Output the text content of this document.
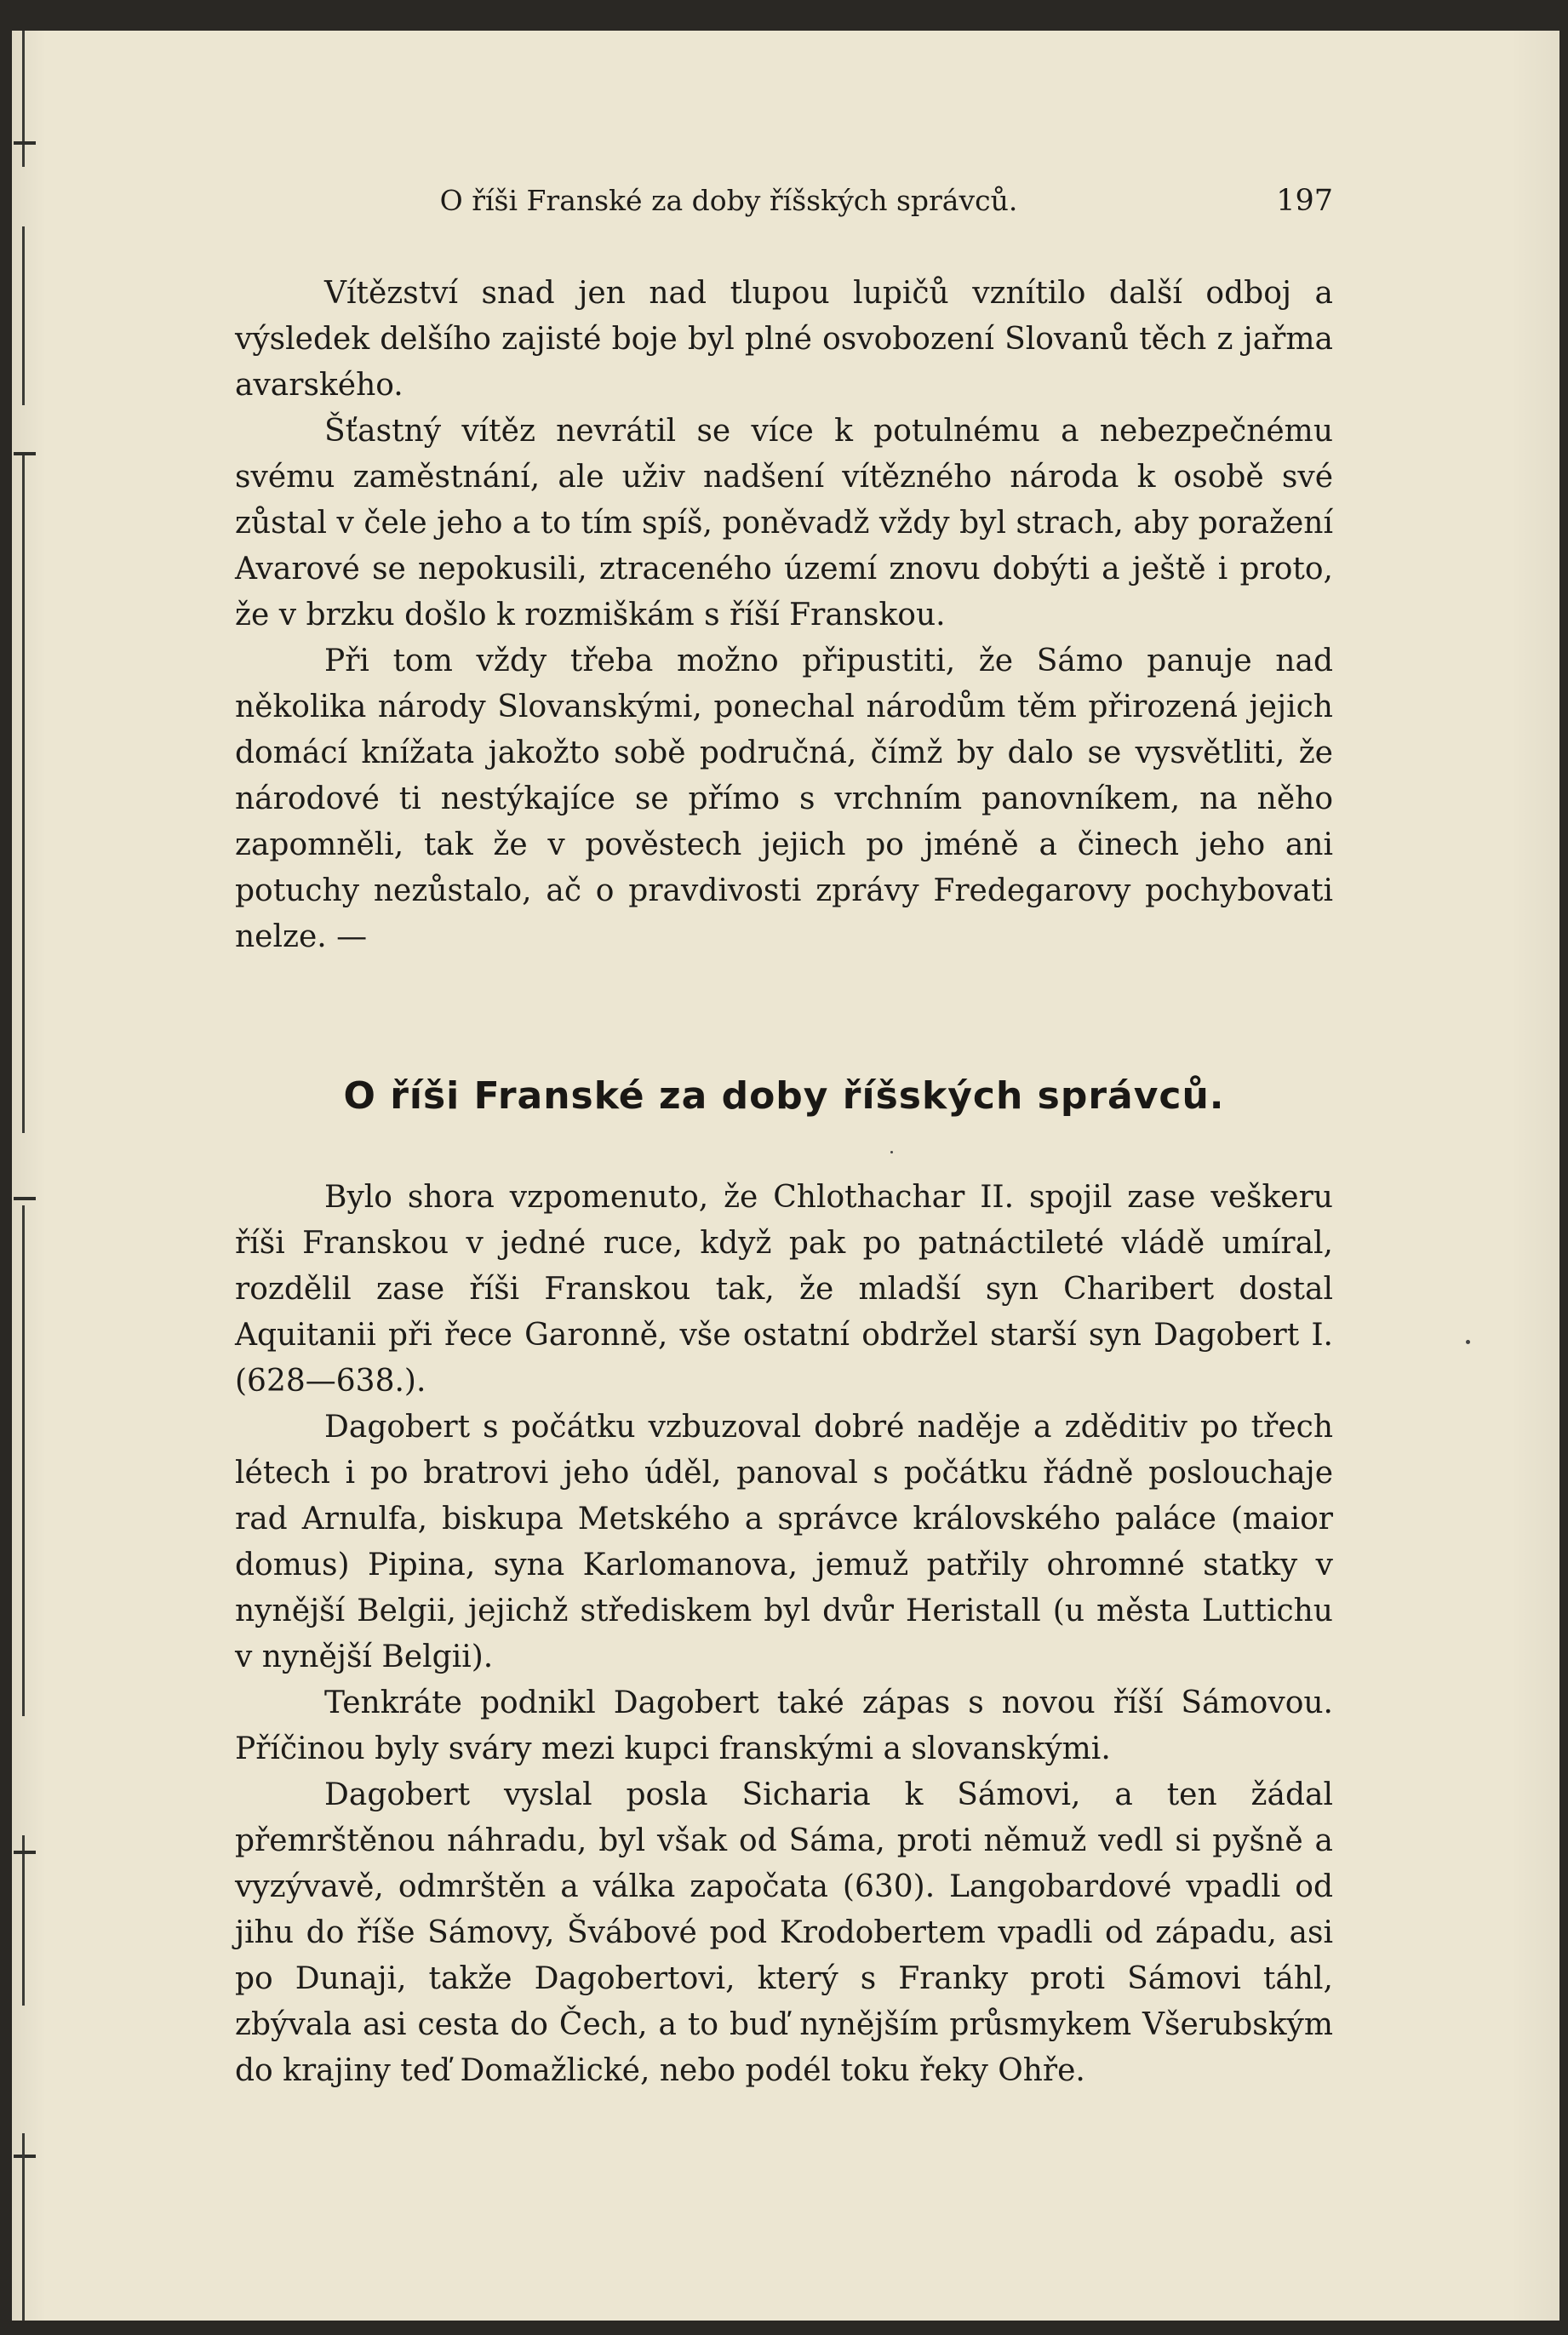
O říši Franské za doby říšských správců.	197

Vítězství snad jen nad tlupou lupičů vznítilo další odboj a výsledek delšího zajisté boje byl plné osvobození Slovanů těch z jařma avarského.

Šťastný vítěz nevrátil se více k potulnému a nebezpečnému svému zaměstnání, ale uživ nadšení vítězného národa k osobě své zůstal v čele jeho a to tím spíš, poněvadž vždy byl strach, aby poražení Avarové se nepokusili, ztraceného území znovu dobýti a ještě i proto, že v brzku došlo k rozmiškám s říší Franskou.

Při tom vždy třeba možno připustiti, že Sámo panuje nad několika národy Slovanskými, ponechal národům těm přirozená jejich domácí knížata jakožto sobě područná, čímž by dalo se vysvětliti, že národové ti nestýkajíce se přímo s vrchním panovníkem, na něho zapomněli, tak že v pověstech jejich po jméně a činech jeho ani potuchy nezůstalo, ač o pravdivosti zprávy Fredegarovy pochybovati nelze. —

O říši Franské za doby říšských správců.

Bylo shora vzpomenuto, že Chlothachar II. spojil zase veškeru říši Franskou v jedné ruce, když pak po patnáctileté vládě umíral, rozdělil zase říši Franskou tak, že mladší syn Charibert dostal Aquitanii při řece Garonně, vše ostatní obdržel starší syn Dagobert I. (628—638.).

Dagobert s počátku vzbuzoval dobré naděje a zděditiv po třech létech i po bratrovi jeho úděl, panoval s počátku řádně poslouchaje rad Arnulfa, biskupa Metského a správce královského paláce (maior domus) Pipina, syna Karlomanova, jemuž patřily ohromné statky v nynější Belgii, jejichž střediskem byl dvůr Heristall (u města Luttichu v nynější Belgii).

Tenkráte podnikl Dagobert také zápas s novou říší Sámovou. Příčinou byly sváry mezi kupci franskými a slovanskými.

Dagobert vyslal posla Sicharia k Sámovi, a ten žádal přemrštěnou náhradu, byl však od Sáma, proti němuž vedl si pyšně a vyzývavě, odmrštěn a válka započata (630). Langobardové vpadli od jihu do říše Sámovy, Švábové pod Krodobertem vpadli od západu, asi po Dunaji, takže Dagobertovi, který s Franky proti Sámovi táhl, zbývala asi cesta do Čech, a to buď nynějším průsmykem Všerubským do krajiny teď Domažlické, nebo podél toku řeky Ohře.
